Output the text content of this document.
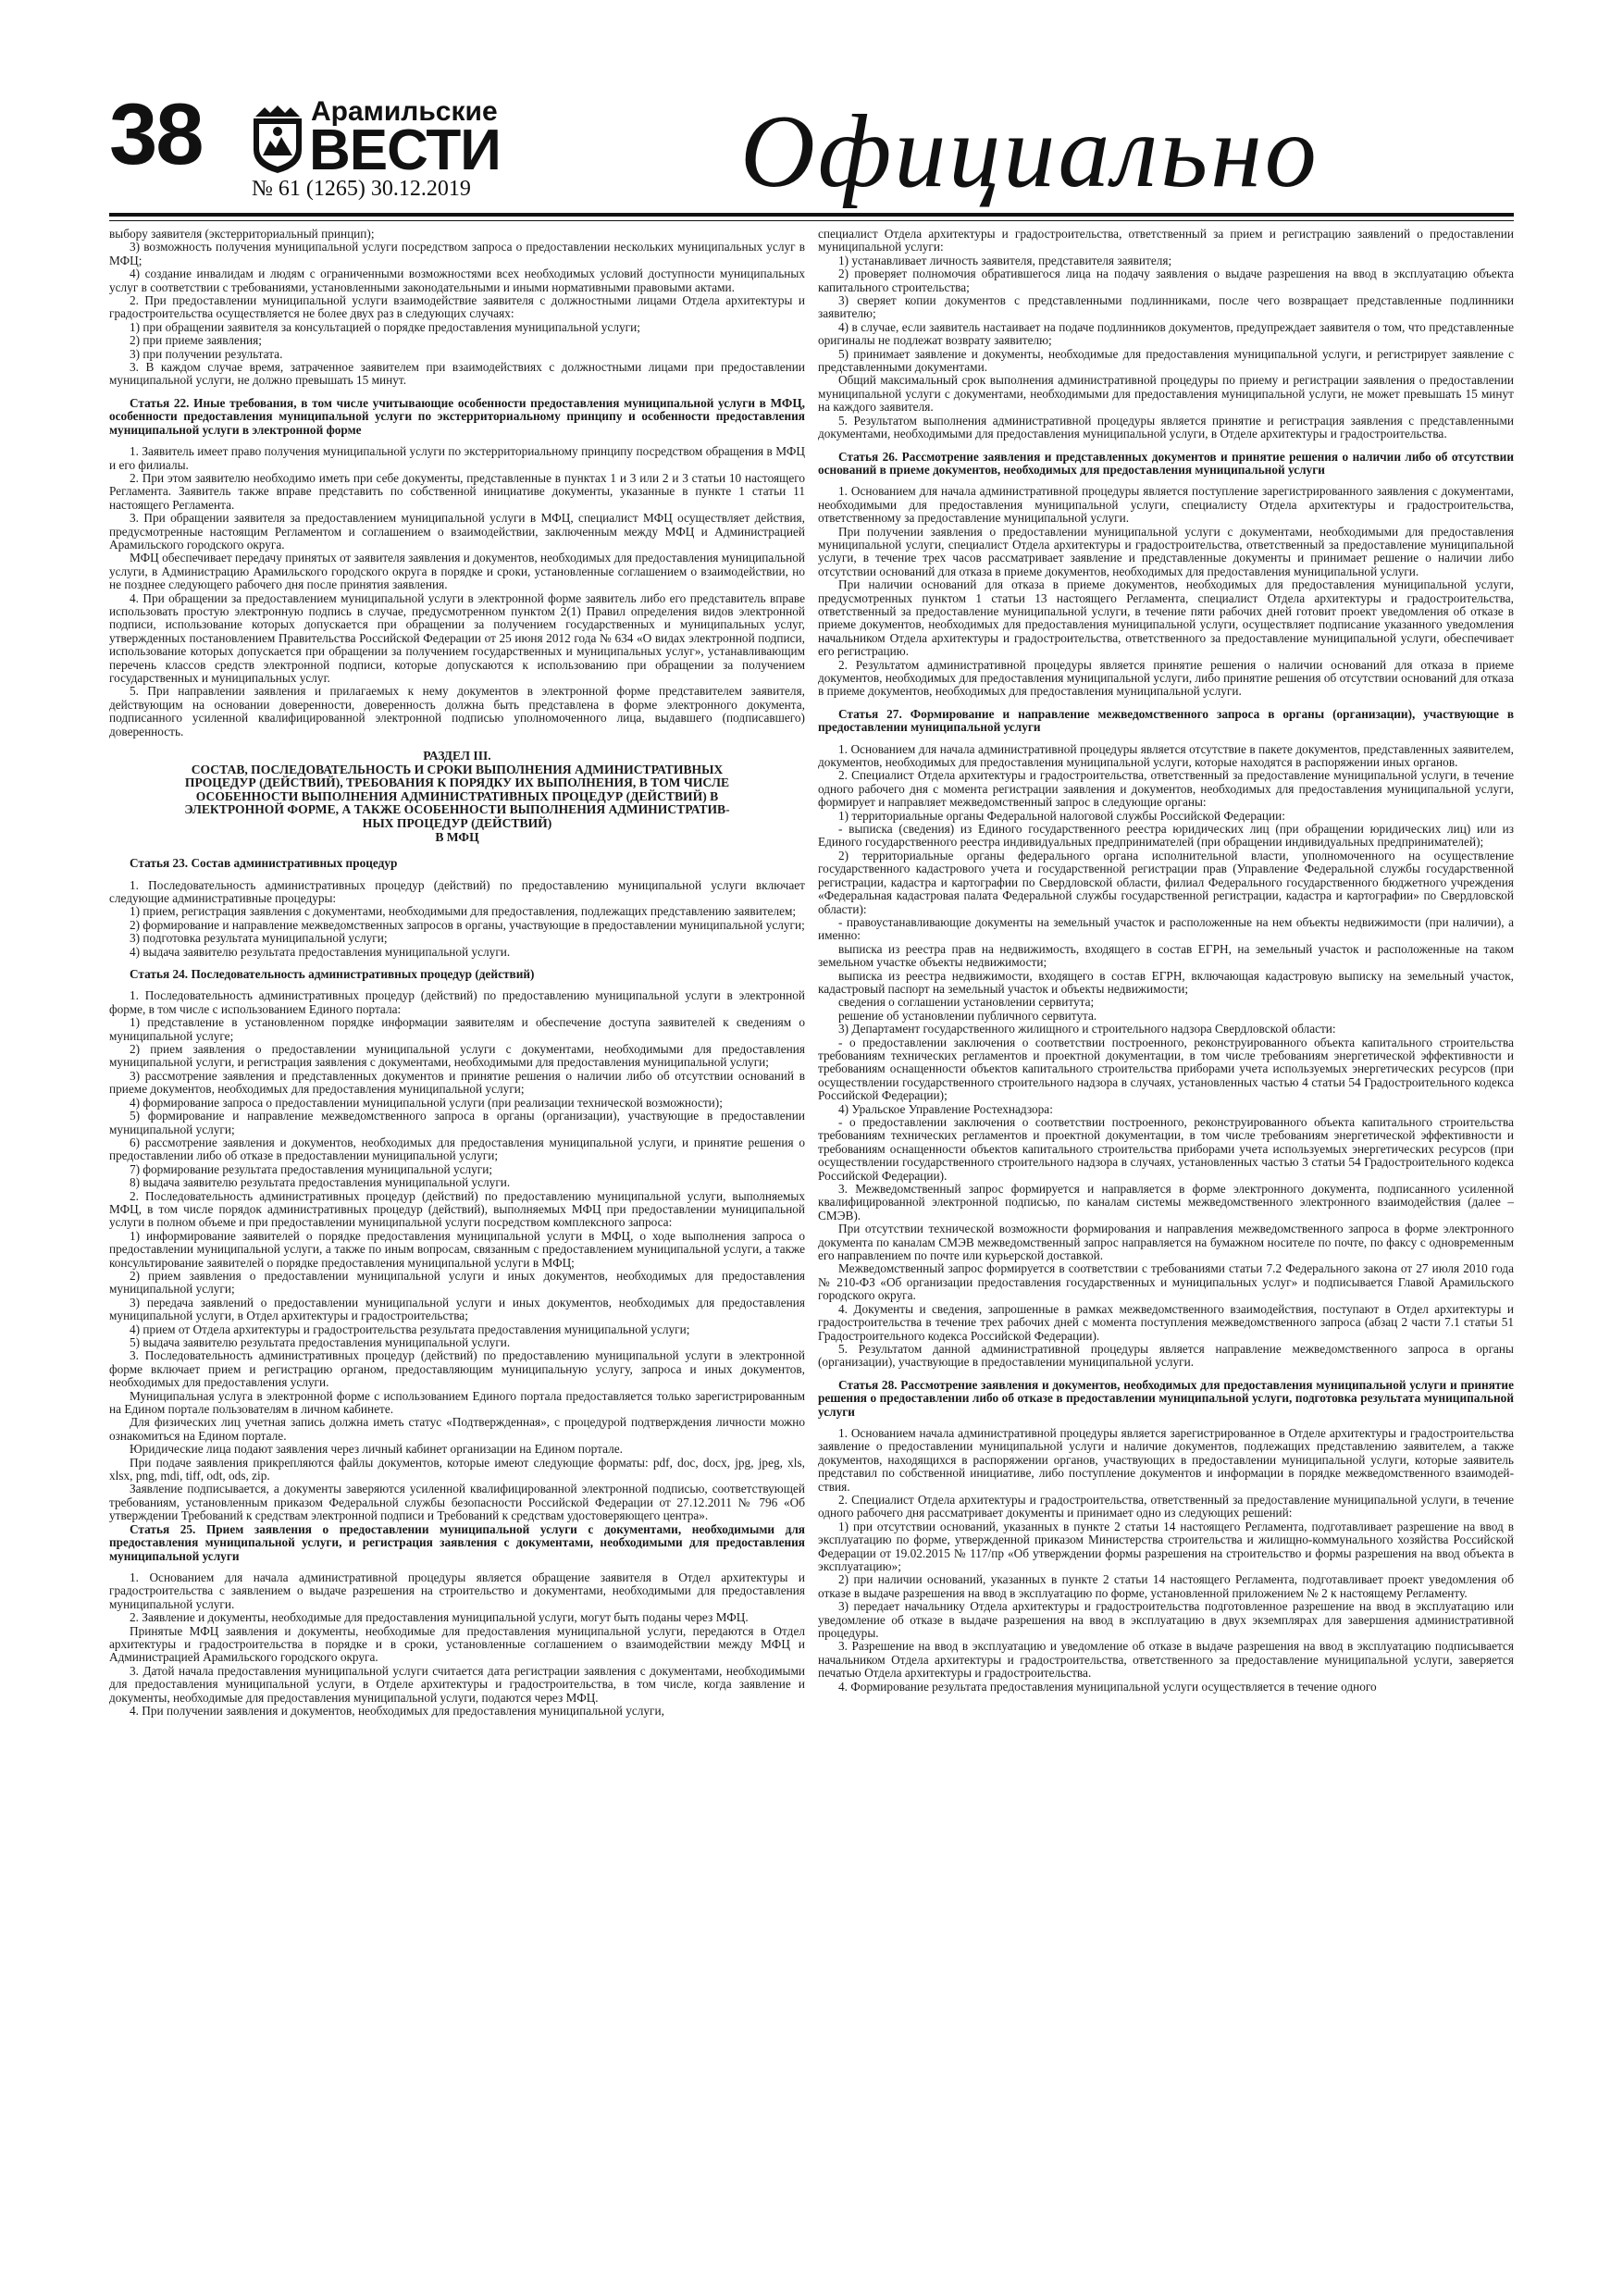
38	Арамильские
ВЕСТИ
№ 61 (1265) 30.12.2019	Официально

выбору заявителя (экстерриториальный принцип);

3) возможность получения муниципальной услуги посредством запроса о предоставлении нескольких муниципальных услуг в МФЦ;

4) создание инвалидам и людям с ограниченными возможностями всех необходимых условий доступности муниципальных услуг в соответствии с требованиями, установленными законодательными и иными нормативными правовыми актами.

2. При предоставлении муниципальной услуги взаимодействие заявителя с должностными лицами Отдела архитектуры и градостроительства осуществляется не более двух раз в следующих случаях:

1) при обращении заявителя за консультацией о порядке предоставления муниципальной услуги;

2) при приеме заявления;

3) при получении результата.

3. В каждом случае время, затраченное заявителем при взаимодействиях с должностными лицами при предоставлении муниципальной услуги, не должно превышать 15 минут.

Статья 22. Иные требования, в том числе учитывающие особенности предоставления муниципальной услуги в МФЦ, особенности предоставления муниципальной услуги по экстерриториальному принципу и особенности предоставления муниципальной услуги в электронной форме

1. Заявитель имеет право получения муниципальной услуги по экстерриториальному принципу посредством обращения в МФЦ и его филиалы.

2. При этом заявителю необходимо иметь при себе документы, представленные в пунктах 1 и 3 или 2 и 3 статьи 10 настоящего Регламента. Заявитель также вправе представить по собственной инициативе документы, указанные в пункте 1 статьи 11 настоящего Регламента.

3. При обращении заявителя за предоставлением муниципальной услуги в МФЦ, специалист МФЦ осуществляет действия, предусмотренные настоящим Регламентом и соглашением о взаимодействии, заключенным между МФЦ и Администрацией Арамильского городского округа.

МФЦ обеспечивает передачу принятых от заявителя заявления и документов, необходимых для предоставления муниципальной услуги, в Администрацию Арамильского городского округа в порядке и сроки, установленные соглашением о взаимодействии, но не позднее следующего рабочего дня после принятия заявления.

4. При обращении за предоставлением муниципальной услуги в электронной форме заявитель либо его представитель вправе использовать простую электронную подпись в случае, предусмотренном пунктом 2(1) Правил определения видов электронной подписи, использование которых допускается при обращении за получением государственных и муниципальных услуг, утвержденных постановлением Правительства Российской Федерации от 25 июня 2012 года № 634 «О видах электронной подписи, использование которых допускается при обращении за получением государственных и муниципальных услуг», устанавливающим перечень классов средств электронной подписи, которые допускаются к использованию при обращении за получением государственных и муниципальных услуг.

5. При направлении заявления и прилагаемых к нему документов в электронной форме представителем заявителя, действующим на основании доверенности, доверенность должна быть представлена в форме электронного документа, подписанного усиленной квалифицированной электронной подписью уполномоченного лица, выдавшего (подписавшего) доверенность.

РАЗДЕЛ III.
СОСТАВ, ПОСЛЕДОВАТЕЛЬНОСТЬ И СРОКИ ВЫПОЛНЕНИЯ АДМИНИСТРАТИВНЫХ
ПРОЦЕДУР (ДЕЙСТВИЙ), ТРЕБОВАНИЯ К ПОРЯДКУ ИХ ВЫПОЛНЕНИЯ, В ТОМ ЧИСЛЕ
ОСОБЕННОСТИ ВЫПОЛНЕНИЯ АДМИНИСТРАТИВНЫХ ПРОЦЕДУР (ДЕЙСТВИЙ) В
ЭЛЕКТРОННОЙ ФОРМЕ, А ТАКЖЕ ОСОБЕННОСТИ ВЫПОЛНЕНИЯ АДМИНИСТРАТИВ-
НЫХ ПРОЦЕДУР (ДЕЙСТВИЙ)
В МФЦ
Статья 23. Состав административных процедур

1. Последовательность административных процедур (действий) по предоставлению муниципальной услуги включает следующие административные процедуры:

1) прием, регистрация заявления с документами, необходимыми для предоставления, подлежащих представлению заявителем;

2) формирование и направление межведомственных запросов в органы, участвующие в предоставлении муниципальной услуги;

3) подготовка результата муниципальной услуги;

4) выдача заявителю результата предоставления муниципальной услуги.

Статья 24. Последовательность административных процедур (действий)

1. Последовательность административных процедур (действий) по предоставлению муниципальной услуги в электронной форме, в том числе с использованием Единого портала:

1) представление в установленном порядке информации заявителям и обеспечение доступа заявителей к сведениям о муниципальной услуге;

2) прием заявления о предоставлении муниципальной услуги с документами, необходимыми для предоставления муниципальной услуги, и регистрация заявления с документами, необходимыми для предоставления муниципальной услуги;

3) рассмотрение заявления и представленных документов и принятие решения о наличии либо об отсутствии оснований в приеме документов, необходимых для предоставления муниципальной услуги;

4) формирование запроса о предоставлении муниципальной услуги (при реализации технической возможности);

5) формирование и направление межведомственного запроса в органы (организации), участвующие в предоставлении муниципальной услуги;

6) рассмотрение заявления и документов, необходимых для предоставления муниципальной услуги, и принятие решения о предоставлении либо об отказе в предоставлении муниципальной услуги;

7) формирование результата предоставления муниципальной услуги;

8) выдача заявителю результата предоставления муниципальной услуги.

2. Последовательность административных процедур (действий) по предоставлению муниципальной услуги, выполняемых МФЦ, в том числе порядок административных процедур (действий), выполняемых МФЦ при предоставлении муниципальной услуги в полном объеме и при предоставлении муниципальной услуги посредством комплексного запроса:

1) информирование заявителей о порядке предоставления муниципальной услуги в МФЦ, о ходе выполнения запроса о предоставлении муниципальной услуги, а также по иным вопросам, связанным с предоставлением муниципальной услуги, а также консультирование заявителей о порядке предоставления муниципальной услуги в МФЦ;

2) прием заявления о предоставлении муниципальной услуги и иных документов, необходимых для предоставления муниципальной услуги;

3) передача заявлений о предоставлении муниципальной услуги и иных документов, необходимых для предоставления муниципальной услуги, в Отдел архитектуры и градостроительства;

4) прием от Отдела архитектуры и градостроительства результата предоставления муниципальной услуги;

5) выдача заявителю результата предоставления муниципальной услуги.

3. Последовательность административных процедур (действий) по предоставлению муниципальной услуги в электронной форме включает прием и регистрацию органом, предоставляющим муниципальную услугу, запроса и иных документов, необходимых для предоставления услуги.

Муниципальная услуга в электронной форме с использованием Единого портала предоставляется только зарегистрированным на Едином портале пользователям в личном кабинете.

Для физических лиц учетная запись должна иметь статус «Подтвержденная», с процедурой подтверждения личности можно ознакомиться на Едином портале.

Юридические лица подают заявления через личный кабинет организации на Едином портале.

При подаче заявления прикрепляются файлы документов, которые имеют следующие форматы: pdf, doc, docx, jpg, jpeg, xls, xlsx, png, mdi, tiff, odt, ods, zip.

Заявление подписывается, а документы заверяются усиленной квалифицированной электронной подписью, соответствующей требованиям, установленным приказом Федеральной службы безопасности Российской Федерации от 27.12.2011 № 796 «Об утверждении Требований к средствам электронной подписи и Требований к средствам удостоверяющего центра».

Статья 25. Прием заявления о предоставлении муниципальной услуги с документами, необходимыми для предоставления муниципальной услуги, и регистрация заявления с документами, необходимыми для предоставления муниципальной услуги

1. Основанием для начала административной процедуры является обращение заявителя в Отдел архитектуры и градостроительства с заявлением о выдаче разрешения на строительство и документами, необходимыми для предоставления муниципальной услуги.

2. Заявление и документы, необходимые для предоставления муниципальной услуги, могут быть поданы через МФЦ.

Принятые МФЦ заявления и документы, необходимые для предоставления муниципальной услуги, передаются в Отдел архитектуры и градостроительства в порядке и в сроки, установленные соглашением о взаимодействии между МФЦ и Администрацией Арамильского городского округа.

3. Датой начала предоставления муниципальной услуги считается дата регистрации заявления с документами, необходимыми для предоставления муниципальной услуги, в Отделе архитектуры и градостроительства, в том числе, когда заявление и документы, необходимые для предоставления муниципальной услуги, подаются через МФЦ.

4. При получении заявления и документов, необходимых для предоставления муниципальной услуги,

специалист Отдела архитектуры и градостроительства, ответственный за прием и регистрацию заявлений о предоставлении муниципальной услуги:

1) устанавливает личность заявителя, представителя заявителя;

2) проверяет полномочия обратившегося лица на подачу заявления о выдаче разрешения на ввод в эксплуатацию объекта капитального строительства;

3) сверяет копии документов с представленными подлинниками, после чего возвращает представленные подлинники заявителю;

4) в случае, если заявитель настаивает на подаче подлинников документов, предупреждает заявителя о том, что представленные оригиналы не подлежат возврату заявителю;

5) принимает заявление и документы, необходимые для предоставления муниципальной услуги, и регистрирует заявление с представленными документами.

Общий максимальный срок выполнения административной процедуры по приему и регистрации заявления о предоставлении муниципальной услуги с документами, необходимыми для предоставления муниципальной услуги, не может превышать 15 минут на каждого заявителя.

5. Результатом выполнения административной процедуры является принятие и регистрация заявления с представленными документами, необходимыми для предоставления муниципальной услуги, в Отделе архитектуры и градостроительства.

Статья 26. Рассмотрение заявления и представленных документов и принятие решения о наличии либо об отсутствии оснований в приеме документов, необходимых для предоставления муниципальной услуги

1. Основанием для начала административной процедуры является поступление зарегистрированного заявления с документами, необходимыми для предоставления муниципальной услуги, специалисту Отдела архитектуры и градостроительства, ответственному за предоставление муниципальной услуги.

При получении заявления о предоставлении муниципальной услуги с документами, необходимыми для предоставления муниципальной услуги, специалист Отдела архитектуры и градостроительства, ответственный за предоставление муниципальной услуги, в течение трех часов рассматривает заявление и представленные документы и принимает решение о наличии либо отсутствии оснований для отказа в приеме документов, необходимых для предоставления муниципальной услуги.

При наличии оснований для отказа в приеме документов, необходимых для предоставления муниципальной услуги, предусмотренных пунктом 1 статьи 13 настоящего Регламента, специалист Отдела архитектуры и градостроительства, ответственный за предоставление муниципальной услуги, в течение пяти рабочих дней готовит проект уведомления об отказе в приеме документов, необходимых для предоставления муниципальной услуги, осуществляет подписание указанного уведомления начальником Отдела архитектуры и градостроительства, ответственного за предоставление муниципальной услуги, обеспечивает его регистрацию.

2. Результатом административной процедуры является принятие решения о наличии оснований для отказа в приеме документов, необходимых для предоставления муниципальной услуги, либо принятие решения об отсутствии оснований для отказа в приеме документов, необходимых для предоставления муниципальной услуги.

Статья 27. Формирование и направление межведомственного запроса в органы (организации), участвующие в предоставлении муниципальной услуги

1. Основанием для начала административной процедуры является отсутствие в пакете документов, представленных заявителем, документов, необходимых для предоставления муниципальной услуги, которые находятся в распоряжении иных органов.

2. Специалист Отдела архитектуры и градостроительства, ответственный за предоставление муниципальной услуги, в течение одного рабочего дня с момента регистрации заявления и документов, необходимых для предоставления муниципальной услуги, формирует и направляет межведомственный запрос в следующие органы:

1) территориальные органы Федеральной налоговой службы Российской Федерации:

- выписка (сведения) из Единого государственного реестра юридических лиц (при обращении юридических лиц) или из Единого государственного реестра индивидуальных предпринимателей (при обращении индивидуальных предпринимателей);

2) территориальные органы федерального органа исполнительной власти, уполномоченного на осуществление государственного кадастрового учета и государственной регистрации прав (Управление Федеральной службы государственной регистрации, кадастра и картографии по Свердловской области, филиал Федерального государственного бюджетного учреждения «Федеральная кадастровая палата Федеральной службы государственной регистрации, кадастра и картографии» по Свердловской области):

- правоустанавливающие документы на земельный участок и расположенные на нем объекты недвижимости (при наличии), а именно:

выписка из реестра прав на недвижимость, входящего в состав ЕГРН, на земельный участок и расположенные на таком земельном участке объекты недвижимости;

выписка из реестра недвижимости, входящего в состав ЕГРН, включающая кадастровую выписку на земельный участок, кадастровый паспорт на земельный участок и объекты недвижимости;

сведения о соглашении установлении сервитута;

решение об установлении публичного сервитута.

3) Департамент государственного жилищного и строительного надзора Свердловской области:

- о предоставлении заключения о соответствии построенного, реконструированного объекта капитального строительства требованиям технических регламентов и проектной документации, в том числе требованиям энергетической эффективности и требованиям оснащенности объектов капитального строительства приборами учета используемых энергетических ресурсов (при осуществлении государственного строительного надзора в случаях, установленных частью 4 статьи 54 Градостроительного кодекса Российской Федерации);

4) Уральское Управление Ростехнадзора:

- о предоставлении заключения о соответствии построенного, реконструированного объекта капитального строительства требованиям технических регламентов и проектной документации, в том числе требованиям энергетической эффективности и требованиям оснащенности объектов капитального строительства приборами учета используемых энергетических ресурсов (при осуществлении государственного строительного надзора в случаях, установленных частью 3 статьи 54 Градостроительного кодекса Российской Федерации).

3. Межведомственный запрос формируется и направляется в форме электронного документа, подписанного усиленной квалифицированной электронной подписью, по каналам системы межведомственного электронного взаимодействия (далее – СМЭВ).

При отсутствии технической возможности формирования и направления межведомственного запроса в форме электронного документа по каналам СМЭВ межведомственный запрос направляется на бумажном носителе по почте, по факсу с одновременным его направлением по почте или курьерской доставкой.

Межведомственный запрос формируется в соответствии с требованиями статьи 7.2 Федерального закона от 27 июля 2010 года № 210-ФЗ «Об организации предоставления государственных и муниципальных услуг» и подписывается Главой Арамильского городского округа.

4. Документы и сведения, запрошенные в рамках межведомственного взаимодействия, поступают в Отдел архитектуры и градостроительства в течение трех рабочих дней с момента поступления межведомственного запроса (абзац 2 части 7.1 статьи 51 Градостроительного кодекса Российской Федерации).

5. Результатом данной административной процедуры является направление межведомственного запроса в органы (организации), участвующие в предоставлении муниципальной услуги.

Статья 28. Рассмотрение заявления и документов, необходимых для предоставления муниципальной услуги и принятие решения о предоставлении либо об отказе в предоставлении муниципальной услуги, подготовка результата муниципальной услуги

1. Основанием начала административной процедуры является зарегистрированное в Отделе архитектуры и градостроительства заявление о предоставлении муниципальной услуги и наличие документов, подлежащих представлению заявителем, а также документов, находящихся в распоряжении органов, участвующих в предоставлении муниципальной услуги, которые заявитель представил по собственной инициативе, либо поступление документов и информации в порядке межведомственного взаимодействия.

2. Специалист Отдела архитектуры и градостроительства, ответственный за предоставление муниципальной услуги, в течение одного рабочего дня рассматривает документы и принимает одно из следующих решений:

1) при отсутствии оснований, указанных в пункте 2 статьи 14 настоящего Регламента, подготавливает разрешение на ввод в эксплуатацию по форме, утвержденной приказом Министерства строительства и жилищно-коммунального хозяйства Российской Федерации от 19.02.2015 № 117/пр «Об утверждении формы разрешения на строительство и формы разрешения на ввод объекта в эксплуатацию»;

2) при наличии оснований, указанных в пункте 2 статьи 14 настоящего Регламента, подготавливает проект уведомления об отказе в выдаче разрешения на ввод в эксплуатацию по форме, установленной приложением № 2 к настоящему Регламенту.

3) передает начальнику Отдела архитектуры и градостроительства подготовленное разрешение на ввод в эксплуатацию или уведомление об отказе в выдаче разрешения на ввод в эксплуатацию в двух экземплярах для завершения административной процедуры.

3. Разрешение на ввод в эксплуатацию и уведомление об отказе в выдаче разрешения на ввод в эксплуатацию подписывается начальником Отдела архитектуры и градостроительства, ответственного за предоставление муниципальной услуги, заверяется печатью Отдела архитектуры и градостроительства.

4. Формирование результата предоставления муниципальной услуги осуществляется в течение одного
